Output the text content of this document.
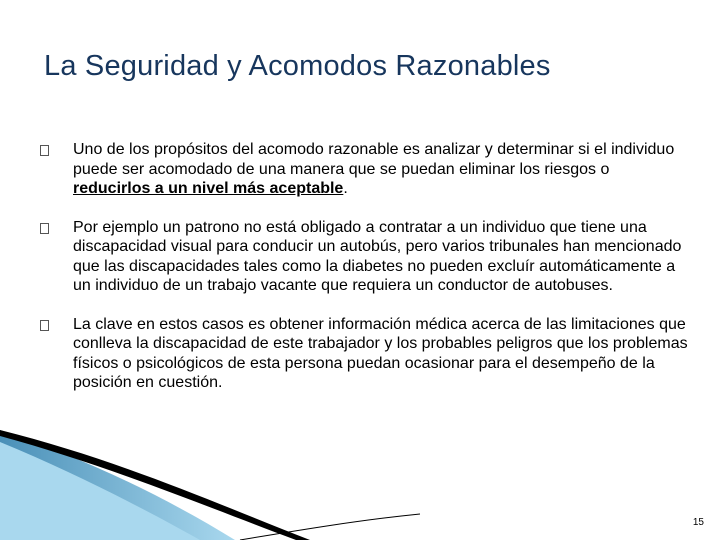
La Seguridad y Acomodos Razonables
Uno de los propósitos del acomodo razonable es analizar y determinar si el individuo puede ser acomodado de una manera que se puedan eliminar los riesgos o reducirlos a un nivel más aceptable.
Por ejemplo un patrono no está obligado a contratar a un individuo que tiene una discapacidad visual para conducir un autobús, pero varios tribunales han mencionado que las discapacidades tales como la diabetes no pueden excluír automáticamente a un individuo de un trabajo vacante que requiera un conductor de autobuses.
La clave en estos casos es obtener información médica acerca de las limitaciones que conlleva la discapacidad de este trabajador y los probables peligros que los problemas físicos o psicológicos de esta persona puedan ocasionar para el desempeño de la posición en cuestión.
15
